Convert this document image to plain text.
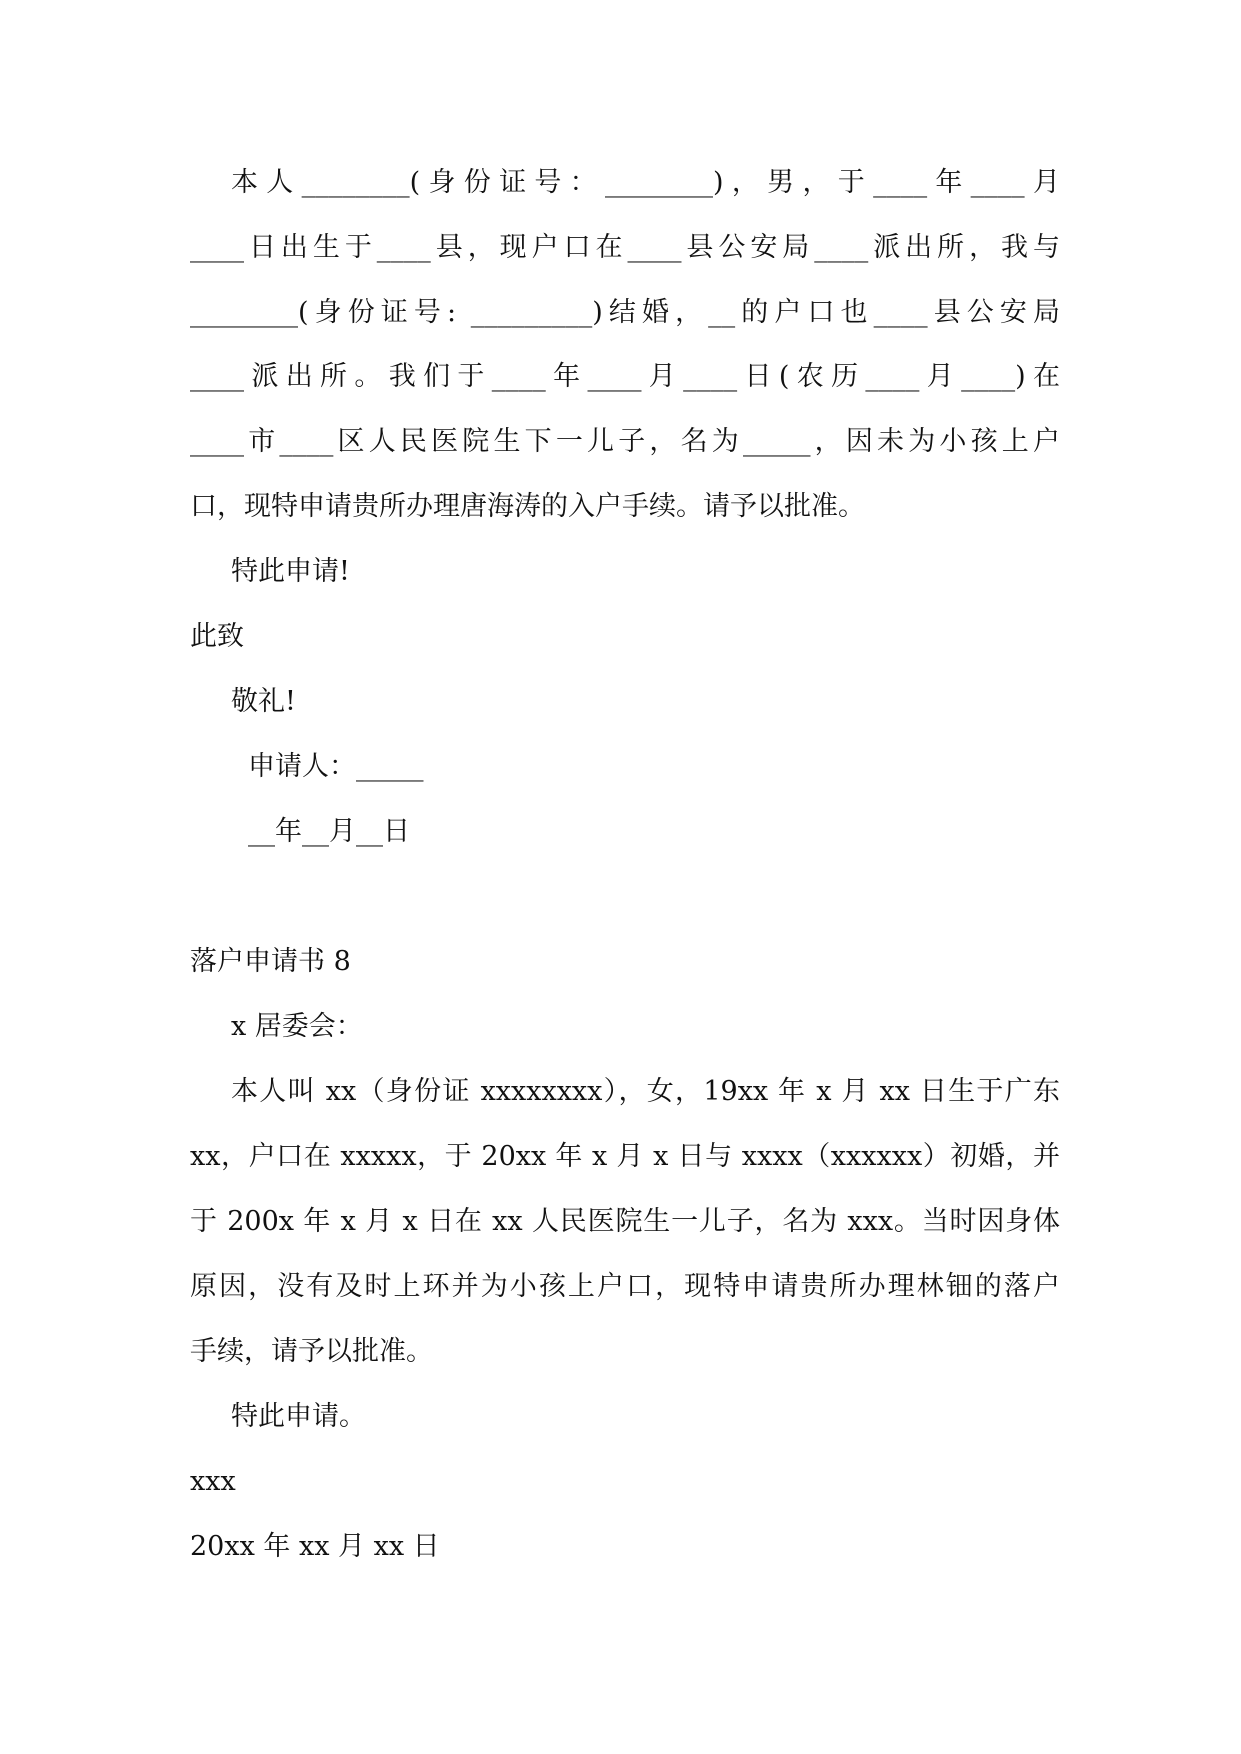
本人________(身份证号：________)，男，于____年____月
____日出生于____县，现户口在____县公安局____派出所，我与
________(身份证号: _________)结婚，__的户口也____县公安局
____派出所。我们于____年____月____日(农历____月____)在
____市____区人民医院生下一儿子，名为_____，因未为小孩上户
口，现特申请贵所办理唐海涛的入户手续。请予以批准。
特此申请!
此致
敬礼!
申请人：_____
__年__月__日
落户申请书 8
x 居委会：
本人叫 xx（身份证 xxxxxxxx），女，19xx 年 x 月 xx 日生于广东
xx，户口在 xxxxx，于 20xx 年 x 月 x 日与 xxxx（xxxxxx）初婚，并
于 200x 年 x 月 x 日在 xx 人民医院生一儿子，名为 xxx。当时因身体
原因，没有及时上环并为小孩上户口，现特申请贵所办理林钿的落户
手续，请予以批准。
特此申请。
xxx
20xx 年 xx 月 xx 日
